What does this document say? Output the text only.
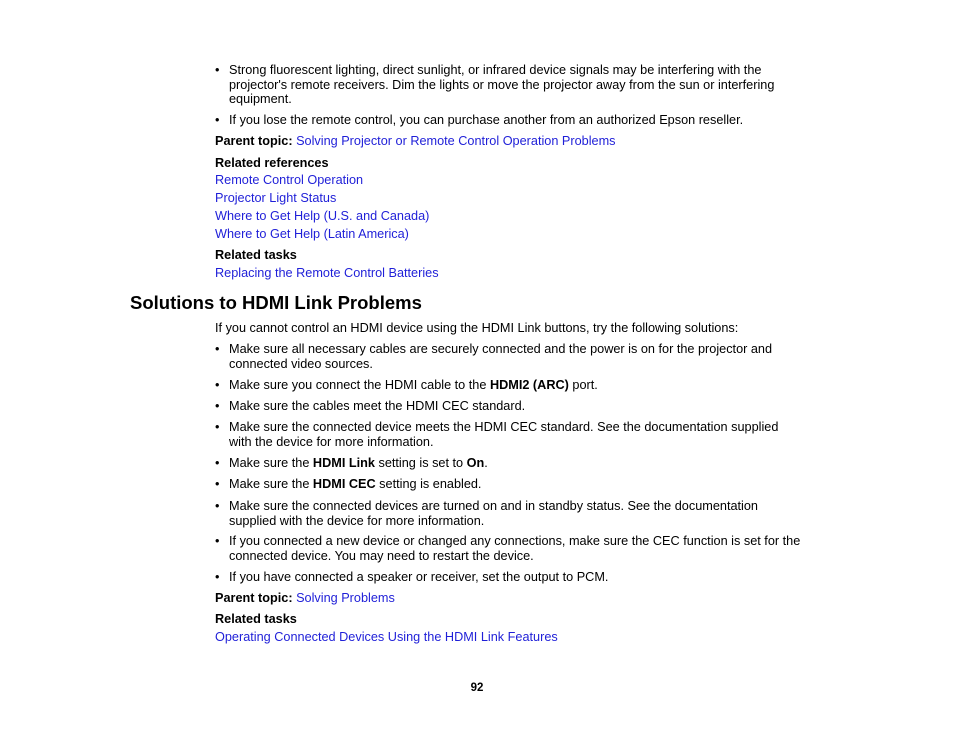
• Strong fluorescent lighting, direct sunlight, or infrared device signals may be interfering with the
projector's remote receivers. Dim the lights or move the projector away from the sun or interfering
equipment.
• If you lose the remote control, you can purchase another from an authorized Epson reseller.
Parent topic: Solving Projector or Remote Control Operation Problems
Related references
Remote Control Operation
Projector Light Status
Where to Get Help (U.S. and Canada)
Where to Get Help (Latin America)
Related tasks
Replacing the Remote Control Batteries
Solutions to HDMI Link Problems
If you cannot control an HDMI device using the HDMI Link buttons, try the following solutions:
• Make sure all necessary cables are securely connected and the power is on for the projector and
connected video sources.
• Make sure you connect the HDMI cable to the HDMI2 (ARC) port.
• Make sure the cables meet the HDMI CEC standard.
• Make sure the connected device meets the HDMI CEC standard. See the documentation supplied
with the device for more information.
• Make sure the HDMI Link setting is set to On.
• Make sure the HDMI CEC setting is enabled.
• Make sure the connected devices are turned on and in standby status. See the documentation
supplied with the device for more information.
• If you connected a new device or changed any connections, make sure the CEC function is set for the
connected device. You may need to restart the device.
• If you have connected a speaker or receiver, set the output to PCM.
Parent topic: Solving Problems
Related tasks
Operating Connected Devices Using the HDMI Link Features
92
